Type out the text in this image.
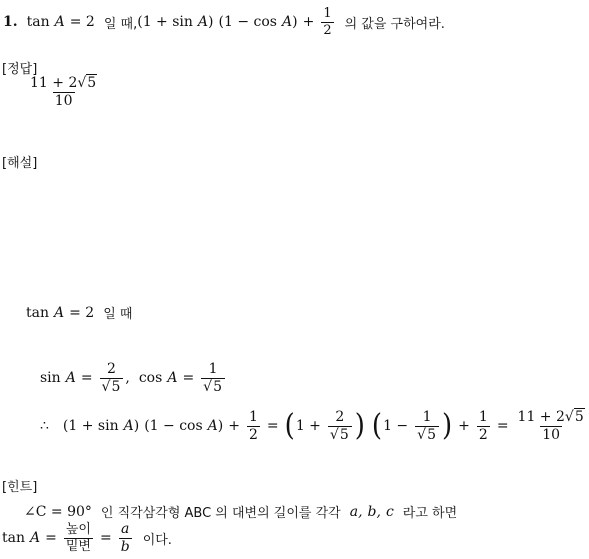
1. tan A = 2 일 때, (1 + sin A ) (1 − cos A ) + $\frac{1}{2}$ 의 값을 구하여라.
[정답]
$\frac{11 + 2√5}{10}$
[해설]
tan A = 2 일 때
$\sin A = \frac{2}{√5}$ , $\cos A = \frac{1}{√5}$
∴ (1 + sin A ) (1 − cos A ) + $\frac{1}{2}$ = ( $1 + \frac{2}{√5}$ ) ( $1 - \frac{1}{√5}$ ) + $\frac{1}{2} = \frac{11 + 2√5}{10}$
[힌트]
∠C = 90° 인 직각삼각형 ABC 의 대변의 길이를 각각 a, b, c 라고 하면
$\tan A = \frac{\text{높이}}{\text{밑변}} = \frac{a}{b}$ 이다.
